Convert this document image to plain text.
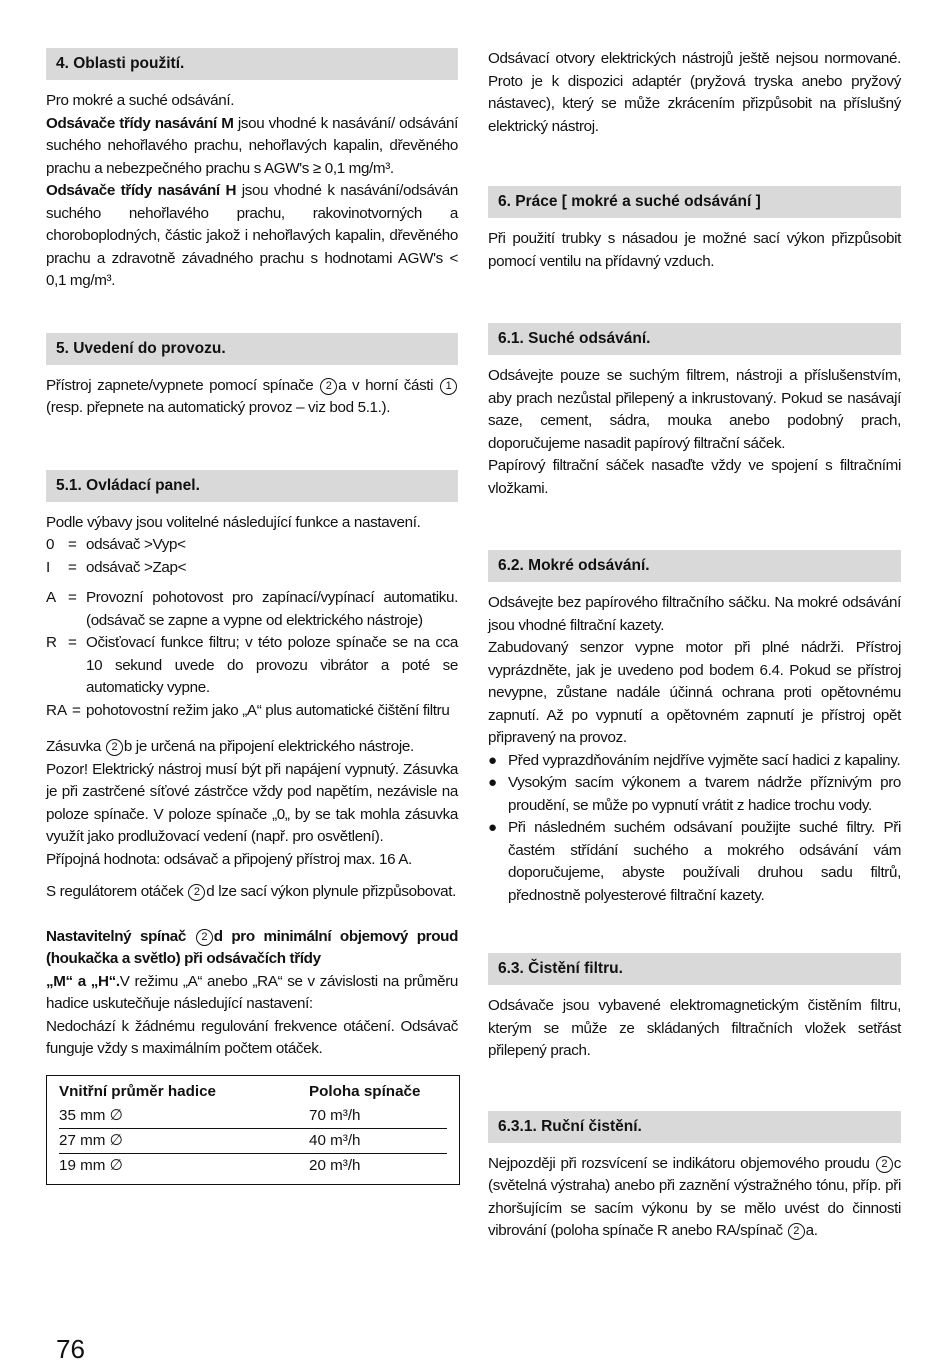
4. Oblasti použití.

Pro mokré a suché odsávání.

Odsávače třídy nasávání M jsou vhodné k nasávání/ odsávání suchého nehořlavého prachu, nehořlavých kapalin, dřevěného prachu a nebezpečného prachu s AGW's ≥ 0,1 mg/m³.

Odsávače třídy nasávání H jsou vhodné k nasávání/odsáván suchého nehořlavého prachu, rakovinotvorných a choroboplodných, částic jakož i nehořlavých kapalin, dřevěného prachu a zdravotně závadného prachu s hodnotami AGW's < 0,1 mg/m³.

5. Uvedení do provozu.

Přístroj zapnete/vypnete pomocí spínače 2 a v horní části 1 (resp. přepnete na automatický provoz – viz bod 5.1.).

5.1. Ovládací panel.

Podle výbavy jsou volitelné následující funkce a nastavení.

0 = odsávač >Vyp<
I	= odsávač >Zap<
A = Provozní pohotovost pro zapínací/vypínací automatiku. (odsávač se zapne a vypne od elektrického nástroje)
R = Očisťovací funkce filtru; v této poloze spínače se na cca 10 sekund uvede do provozu vibrátor a poté se automaticky vypne.
RA = pohotovostní režim jako „A“ plus automatické čištění filtru

Zásuvka 2 b je určená na připojení elektrického nástroje.

Pozor! Elektrický nástroj musí být při napájení vypnutý. Zásuvka je při zastrčené síťové zástrčce vždy pod napětím, nezávisle na poloze spínače. V poloze spínače „0„ by se tak mohla zásuvka využít jako prodlužovací vedení (např. pro osvětlení).

Přípojná hodnota: odsávač a připojený přístroj max. 16 A.

S regulátorem otáček 2 d lze sací výkon plynule přizpůsobovat.

Nastavitelný spínač 2 d pro minimální objemový proud (houkačka a světlo) při odsávačích třídy

„M“ a „H“.V režimu „A“ anebo „RA“ se v závislosti na průměru hadice uskutečňuje následující nastavení:

Nedochází k žádnému regulování frekvence otáčení. Odsávač funguje vždy s maximálním počtem otáček.

Vnitřní průměr hadice	Poloha spínače
35 mm ∅	70 m³/h
27 mm ∅	40 m³/h
19 mm ∅	20 m³/h

Odsávací otvory elektrických nástrojů ještě nejsou normované. Proto je k dispozici adaptér (pryžová tryska anebo pryžový nástavec), který se může zkrácením přizpůsobit na příslušný elektrický nástroj.

6. Práce [ mokré a suché odsávání ]

Při použití trubky s násadou je možné sací výkon přizpůsobit pomocí ventilu na přídavný vzduch.

6.1. Suché odsávání.

Odsávejte pouze se suchým filtrem, nástroji a příslušenstvím, aby prach nezůstal přilepený a inkrustovaný. Pokud se nasávají saze, cement, sádra, mouka anebo podobný prach, doporučujeme nasadit papírový filtrační sáček.

Papírový filtrační sáček nasaďte vždy ve spojení s filtračními vložkami.

6.2. Mokré odsávání.

Odsávejte bez papírového filtračního sáčku. Na mokré odsávání jsou vhodné filtrační kazety.

Zabudovaný senzor vypne motor při plné nádrži. Přístroj vyprázdněte, jak je uvedeno pod bodem 6.4. Pokud se přístroj nevypne, zůstane nadále účinná ochrana proti opětovnému zapnutí. Až po vypnutí a opětovném zapnutí je přístroj opět připravený na provoz.

● Před vyprazdňováním nejdříve vyjměte sací hadici z kapaliny.
● Vysokým sacím výkonem a tvarem nádrže příznivým pro proudění, se může po vypnutí vrátit z hadice trochu vody.
● Při následném suchém odsávaní použijte suché filtry. Při častém střídání suchého a mokrého odsávání vám doporučujeme, abyste používali druhou sadu filtrů, přednostně polyesterové filtrační kazety.
6.3. Čistění filtru.

Odsávače jsou vybavené elektromagnetickým čistěním filtru, kterým se může ze skládaných filtračních vložek setřást přilepený prach.

6.3.1. Ruční čistění.

Nejpozději při rozsvícení se indikátoru objemového proudu 2 c (světelná výstraha) anebo při zaznění výstražného tónu, příp. při zhoršujícím se sacím výkonu by se mělo uvést do činnosti vibrování (poloha spínače R anebo RA/spínač 2 a.

76
